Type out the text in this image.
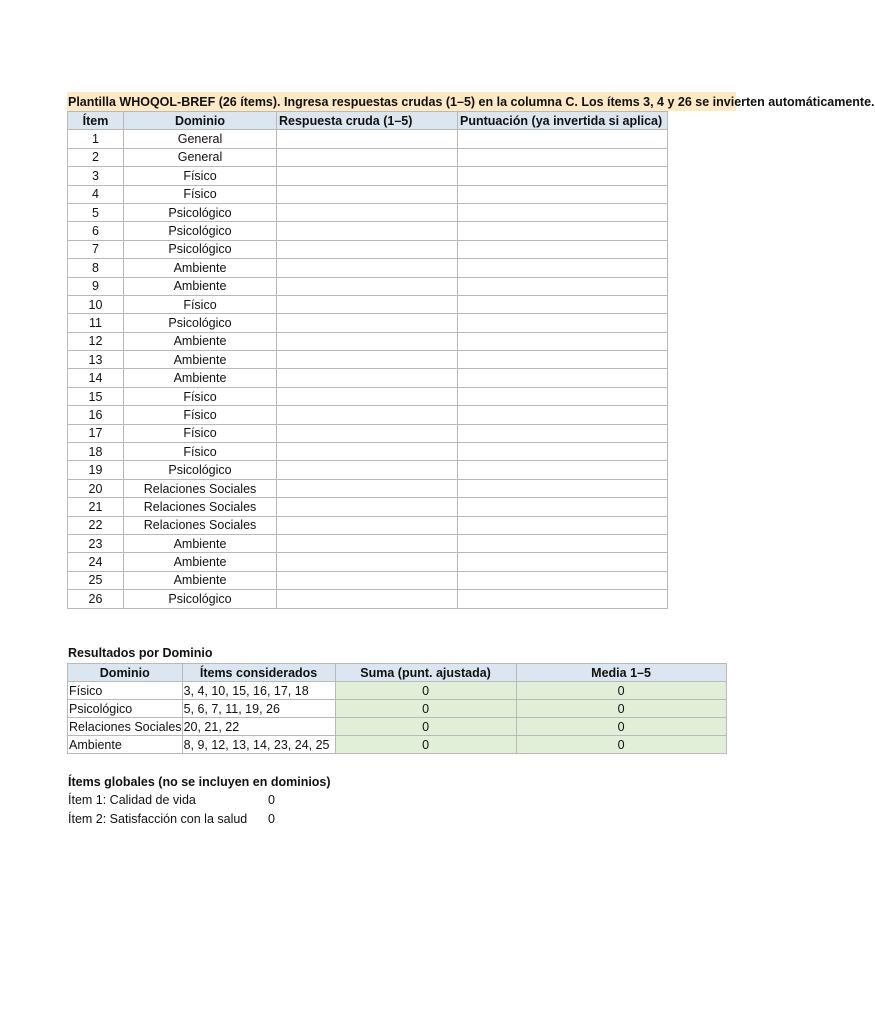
Plantilla WHOQOL-BREF (26 ítems). Ingresa respuestas crudas (1–5) en la columna C. Los ítems 3, 4 y 26 se invierten automáticamente.
Ítem	Dominio	Respuesta cruda (1–5)	Puntuación (ya invertida si aplica)
1	General		
2	General		
3	Físico		
4	Físico		
5	Psicológico		
6	Psicológico		
7	Psicológico		
8	Ambiente		
9	Ambiente		
10	Físico		
11	Psicológico		
12	Ambiente		
13	Ambiente		
14	Ambiente		
15	Físico		
16	Físico		
17	Físico		
18	Físico		
19	Psicológico		
20	Relaciones Sociales		
21	Relaciones Sociales		
22	Relaciones Sociales		
23	Ambiente		
24	Ambiente		
25	Ambiente		
26	Psicológico		
Resultados por Dominio
Dominio	Ítems considerados	Suma (punt. ajustada)	Media 1–5
Físico	3, 4, 10, 15, 16, 17, 18	0	0
Psicológico	5, 6, 7, 11, 19, 26	0	0
Relaciones Sociales	20, 21, 22	0	0
Ambiente	8, 9, 12, 13, 14, 23, 24, 25	0	0
Ítems globales (no se incluyen en dominios)
Ítem 1: Calidad de vida	0
Ítem 2: Satisfacción con la salud 0
